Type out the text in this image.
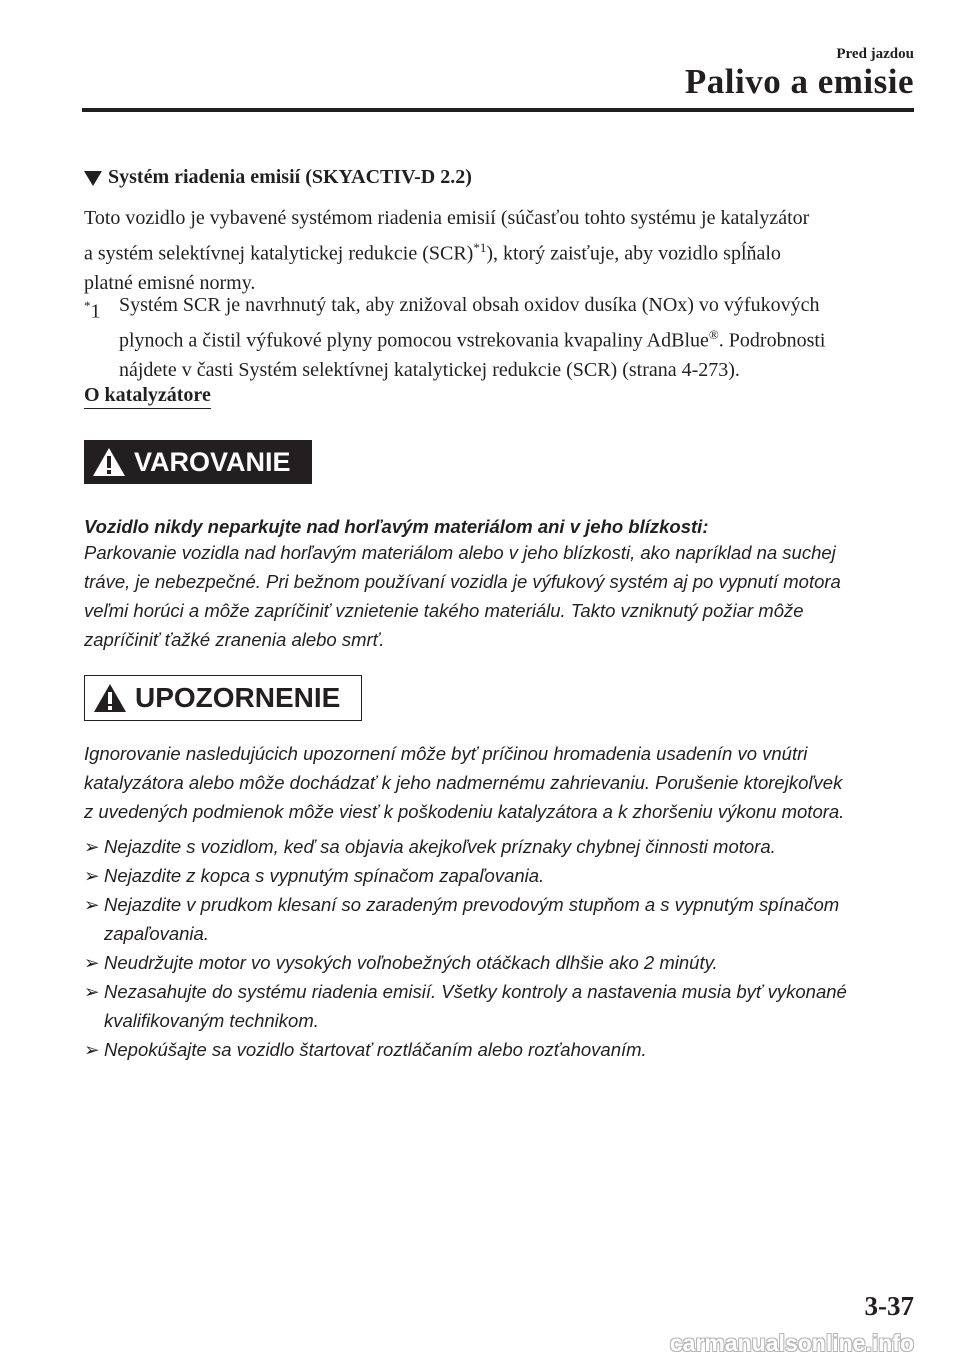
Pred jazdou
Palivo a emisie
Systém riadenia emisií (SKYACTIV-D 2.2)
Toto vozidlo je vybavené systémom riadenia emisií (súčasťou tohto systému je katalyzátor
a systém selektívnej katalytickej redukcie (SCR)$^{*1}$), ktorý zaisťuje, aby vozidlo spĺňalo
platné emisné normy.
*1 Systém SCR je navrhnutý tak, aby znižoval obsah oxidov dusíka (NOx) vo výfukových
plynoch a čistil výfukové plyny pomocou vstrekovania kvapaliny AdBlue®. Podrobnosti
nájdete v časti Systém selektívnej katalytickej redukcie (SCR) (strana 4-273).
O katalyzátore
VAROVANIE
Vozidlo nikdy neparkujte nad horľavým materiálom ani v jeho blízkosti:
Parkovanie vozidla nad horľavým materiálom alebo v jeho blízkosti, ako napríklad na suchej
tráve, je nebezpečné. Pri bežnom používaní vozidla je výfukový systém aj po vypnutí motora
veľmi horúci a môže zapríčiniť vznietenie takého materiálu. Takto vzniknutý požiar môže
zapríčiniť ťažké zranenia alebo smrť.
UPOZORNENIE
Ignorovanie nasledujúcich upozornení môže byť príčinou hromadenia usadenín vo vnútri
katalyzátora alebo môže dochádzať k jeho nadmernému zahrievaniu. Porušenie ktorejkoľvek
z uvedených podmienok môže viesť k poškodeniu katalyzátora a k zhoršeniu výkonu motora.
➢ Nejazdite s vozidlom, keď sa objavia akejkoľvek príznaky chybnej činnosti motora.
➢ Nejazdite z kopca s vypnutým spínačom zapaľovania.
➢ Nejazdite v prudkom klesaní so zaradeným prevodovým stupňom a s vypnutým spínačom
zapaľovania.
➢ Neudržujte motor vo vysokých voľnobežných otáčkach dlhšie ako 2 minúty.
➢ Nezasahujte do systému riadenia emisií. Všetky kontroly a nastavenia musia byť vykonané
kvalifikovaným technikom.
➢ Nepokúšajte sa vozidlo štartovať roztláčaním alebo rozťahovaním.
3-37
carmanualsonline.info
